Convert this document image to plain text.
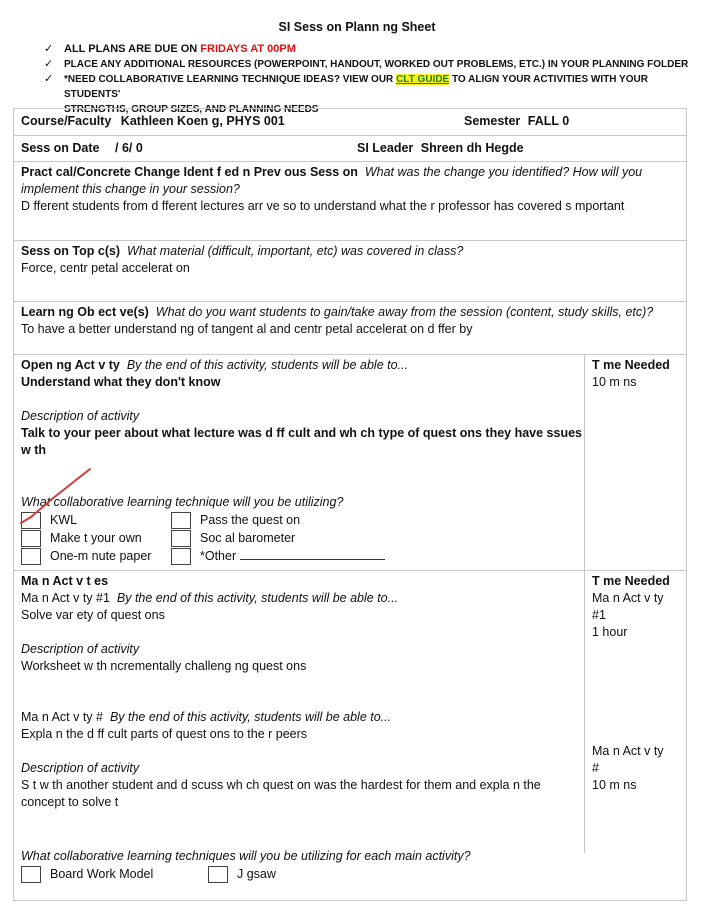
SI Sess on Plann ng Sheet
✓ ALL PLANS ARE DUE ON FRIDAYS AT 00PM
✓ PLACE ANY ADDITIONAL RESOURCES (POWERPOINT, HANDOUT, WORKED OUT PROBLEMS, ETC.) IN YOUR PLANNING FOLDER
✓ *NEED COLLABORATIVE LEARNING TECHNIQUE IDEAS? VIEW OUR CLT GUIDE TO ALIGN YOUR ACTIVITIES WITH YOUR STUDENTS'
STRENGTHS, GROUP SIZES, AND PLANNING NEEDS
Course/Faculty Kathleen Koen g, PHYS 001	Semester FALL 0
Sess on Date / 6/ 0	SI Leader Shreen dh Hegde
Pract cal/Concrete Change Ident f ed n Prev ous Sess on What was the change you identified? How will you
implement this change in your session?
D fferent students from d fferent lectures arr ve so to understand what the r professor has covered s mportant
Sess on Top c(s) What material (difficult, important, etc) was covered in class?
Force, centr petal accelerat on
Learn ng Ob ect ve(s) What do you want students to gain/take away from the session (content, study skills, etc)?
To have a better understand ng of tangent al and centr petal accelerat on d ffer by
Open ng Act v ty By the end of this activity, students will be able to...
Understand what they don't know

Description of activity
Talk to your peer about what lecture was d ff cult and wh ch type of quest ons they have ssues
w th
T me Needed
10 m ns
What collaborative learning technique will you be utilizing?
KWL
Make t your own
One-m nute paper
Pass the quest on
Soc al barometer
*Other
Ma n Act v t es
Ma n Act v ty #1 By the end of this activity, students will be able to...
Solve var ety of quest ons

Description of activity
Worksheet w th ncrementally challeng ng quest ons

Ma n Act v ty # By the end of this activity, students will be able to...
Expla n the d ff cult parts of quest ons to the r peers

Description of activity
S t w th another student and d scuss wh ch quest on was the hardest for them and expla n the
concept to solve t
T me Needed
Ma n Act v ty
#1
1 hour

Ma n Act v ty
#
10 m ns
What collaborative learning techniques will you be utilizing for each main activity?
Board Work Model	J gsaw
